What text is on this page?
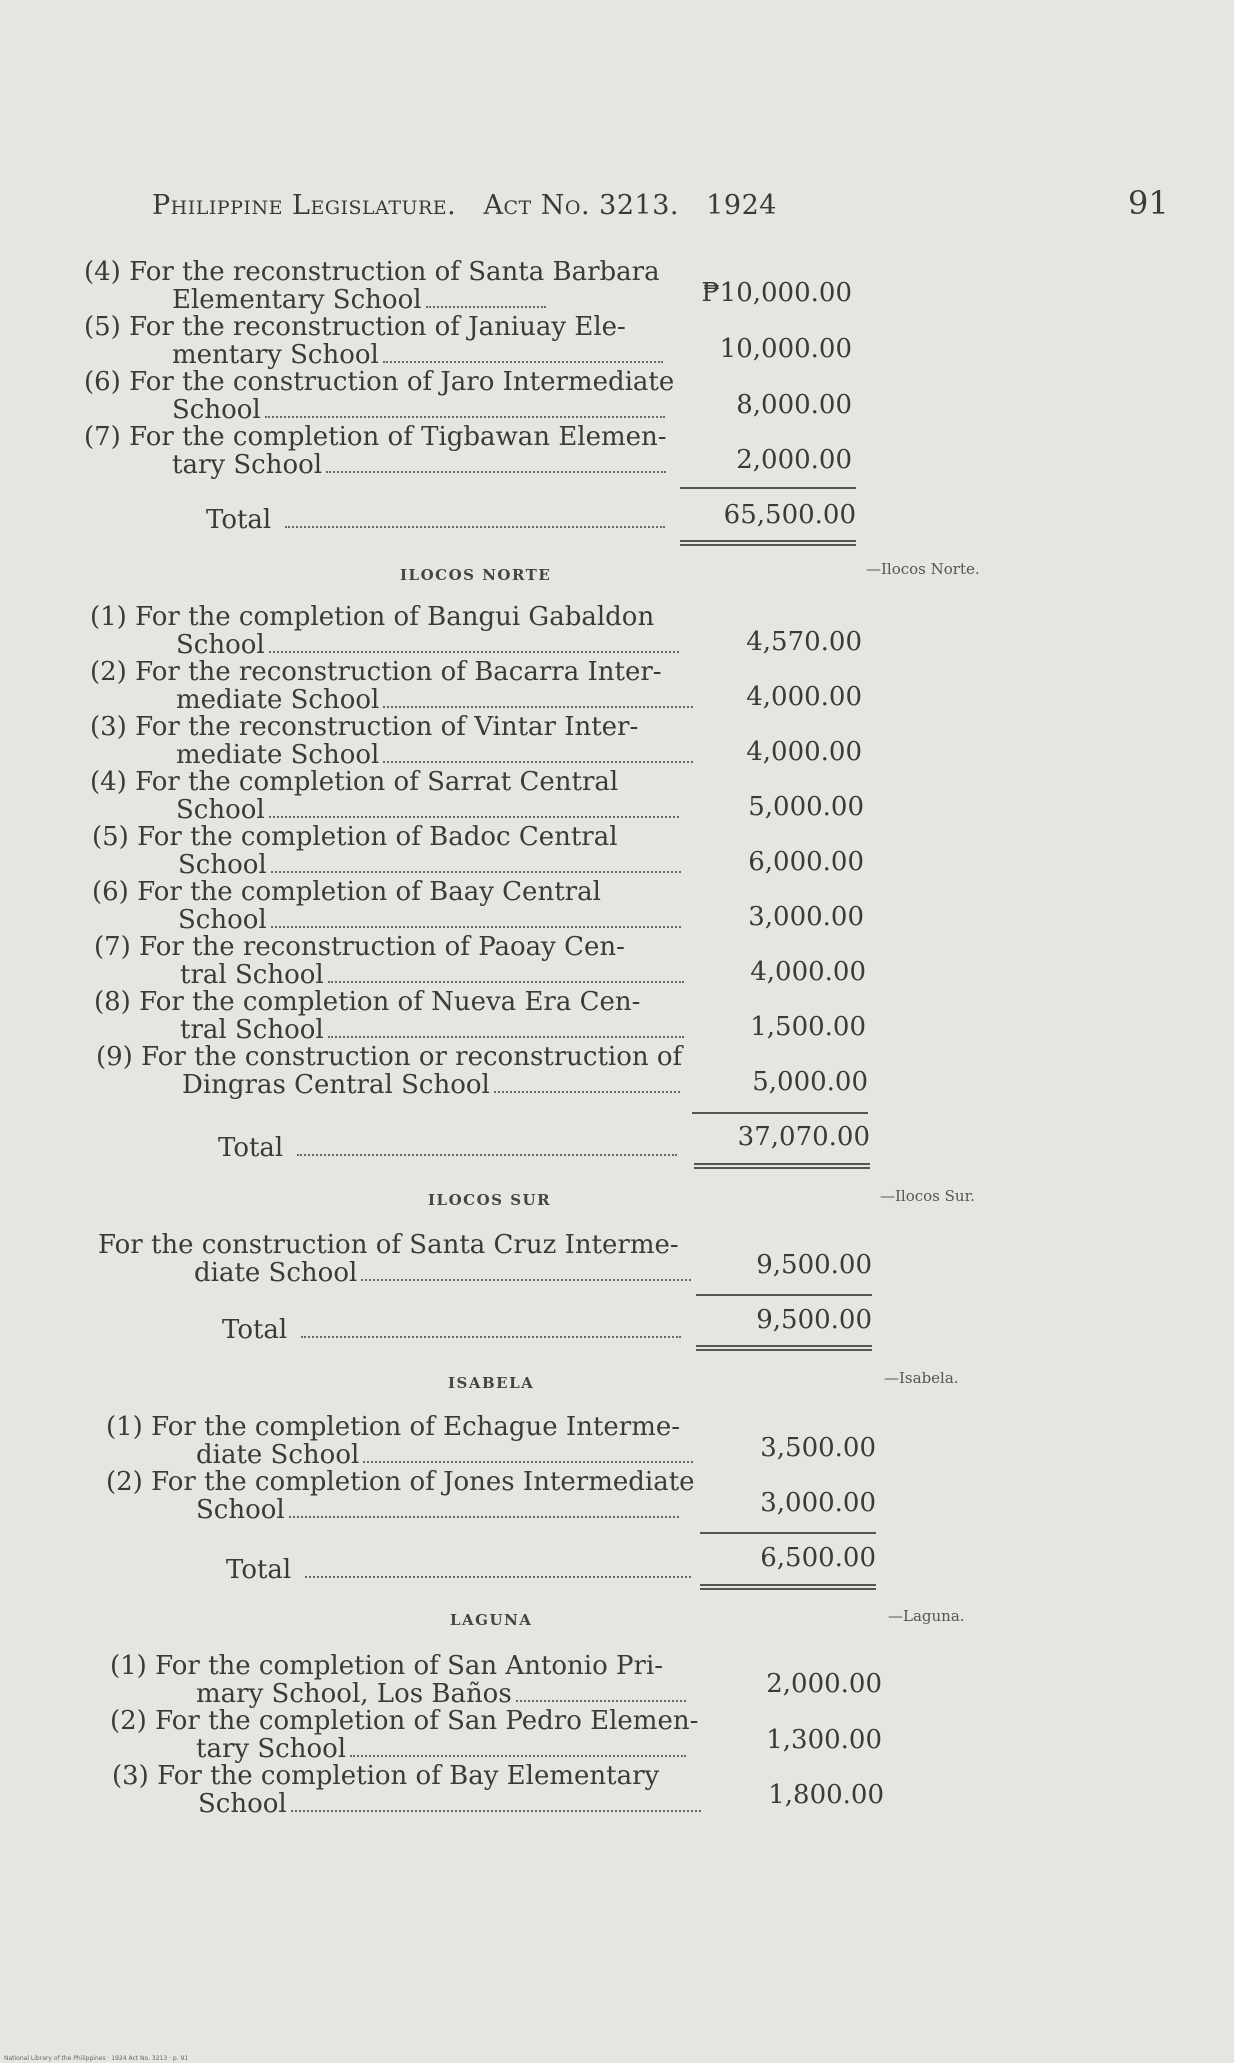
Philippine Legislature. Act No. 3213. 1924	91
(4) For the reconstruction of Santa Barbara
Elementary School	₱10,000.00
(5) For the reconstruction of Janiuay Ele-
mentary School	10,000.00
(6) For the construction of Jaro Intermediate
School	8,000.00
(7) For the completion of Tigbawan Elemen-
tary School	2,000.00
Total	65,500.00
ILOCOS NORTE	—Ilocos Norte.
(1) For the completion of Bangui Gabaldon
School	4,570.00
(2) For the reconstruction of Bacarra Inter-
mediate School	4,000.00
(3) For the reconstruction of Vintar Inter-
mediate School	4,000.00
(4) For the completion of Sarrat Central
School	5,000.00
(5) For the completion of Badoc Central
School	6,000.00
(6) For the completion of Baay Central
School	3,000.00
(7) For the reconstruction of Paoay Cen-
tral School	4,000.00
(8) For the completion of Nueva Era Cen-
tral School	1,500.00
(9) For the construction or reconstruction of
Dingras Central School	5,000.00
Total	37,070.00
ILOCOS SUR	—Ilocos Sur.
For the construction of Santa Cruz Interme-
diate School	9,500.00
Total	9,500.00
ISABELA	—Isabela.
(1) For the completion of Echague Interme-
diate School	3,500.00
(2) For the completion of Jones Intermediate
School	3,000.00
Total	6,500.00
LAGUNA	—Laguna.
(1) For the completion of San Antonio Pri-
mary School, Los Baños	2,000.00
(2) For the completion of San Pedro Elemen-
tary School	1,300.00
(3) For the completion of Bay Elementary
School	1,800.00
National Library of the Philippines · 1924 Act No. 3213 · p. 91
